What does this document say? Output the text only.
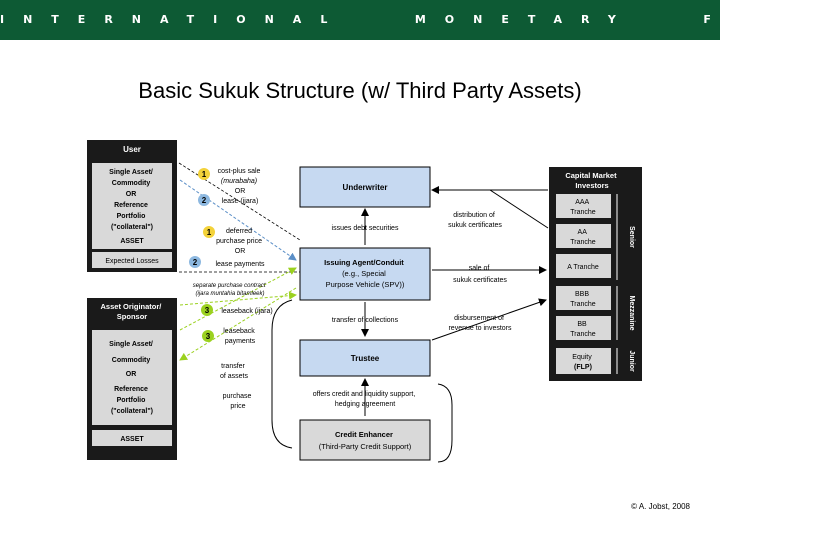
INTERNATIONAL   MONETARY   FUND
Basic Sukuk Structure (w/ Third Party Assets)
User
Single Asset/ Commodity OR Reference Portfolio ("collateral")
ASSET
Expected Losses
Asset Originator/ Sponsor
Single Asset/ Commodity OR Reference Portfolio ("collateral")
ASSET
1 cost-plus sale (murabaha) OR
2 lease (ijara)
1	deferred purchase price OR
2	lease payments
separate purchase contract (ijara muntahia bitamleek)
3 leaseback (ijara)
3
leaseback payments
transfer of assets
purchase price
Underwriter
issues debt securities
Issuing Agent/Conduit (e.g., Special Purpose Vehicle (SPV))
transfer of collections
Trustee
offers credit and liquidity support, hedging agreement
Credit Enhancer (Third-Party Credit Support)
distribution of sukuk certificates
sale of sukuk certificates
disbursement of revenue to investors
Capital Market Investors
AAA Tranche
AA Tranche
A Tranche
BBB Tranche
BB Tranche
Equity (FLP)
Senior
Mezzanine
Junior
© A. Jobst, 2008
